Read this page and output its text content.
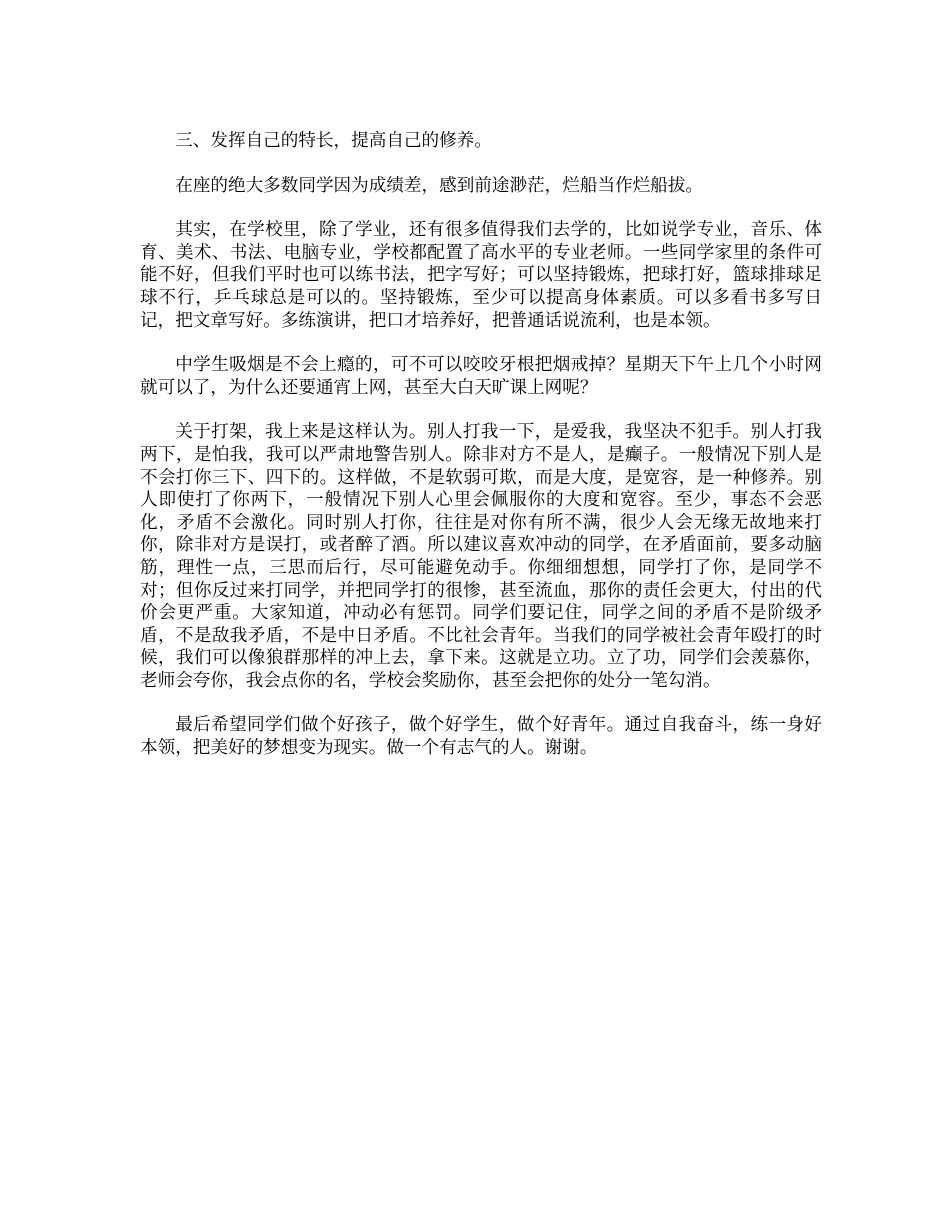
三、发挥自己的特长，提高自己的修养。

在座的绝大多数同学因为成绩差，感到前途渺茫，烂船当作烂船拔。

其实，在学校里，除了学业，还有很多值得我们去学的，比如说学专业，音乐、体育、美术、书法、电脑专业，学校都配置了高水平的专业老师。一些同学家里的条件可能不好，但我们平时也可以练书法，把字写好；可以坚持锻炼，把球打好，篮球排球足球不行，乒乓球总是可以的。坚持锻炼，至少可以提高身体素质。可以多看书多写日记，把文章写好。多练演讲，把口才培养好，把普通话说流利，也是本领。

中学生吸烟是不会上瘾的，可不可以咬咬牙根把烟戒掉？星期天下午上几个小时网就可以了，为什么还要通宵上网，甚至大白天旷课上网呢？

关于打架，我上来是这样认为。别人打我一下，是爱我，我坚决不犯手。别人打我两下，是怕我，我可以严肃地警告别人。除非对方不是人，是癫子。一般情况下别人是不会打你三下、四下的。这样做，不是软弱可欺，而是大度，是宽容，是一种修养。别人即使打了你两下，一般情况下别人心里会佩服你的大度和宽容。至少，事态不会恶化，矛盾不会激化。同时别人打你，往往是对你有所不满，很少人会无缘无故地来打你，除非对方是误打，或者醉了酒。所以建议喜欢冲动的同学，在矛盾面前，要多动脑筋，理性一点，三思而后行，尽可能避免动手。你细细想想，同学打了你，是同学不对；但你反过来打同学，并把同学打的很惨，甚至流血，那你的责任会更大，付出的代价会更严重。大家知道，冲动必有惩罚。同学们要记住，同学之间的矛盾不是阶级矛盾，不是敌我矛盾，不是中日矛盾。不比社会青年。当我们的同学被社会青年殴打的时候，我们可以像狼群那样的冲上去，拿下来。这就是立功。立了功，同学们会羡慕你，老师会夸你，我会点你的名，学校会奖励你，甚至会把你的处分一笔勾消。

最后希望同学们做个好孩子，做个好学生，做个好青年。通过自我奋斗，练一身好本领，把美好的梦想变为现实。做一个有志气的人。谢谢。
